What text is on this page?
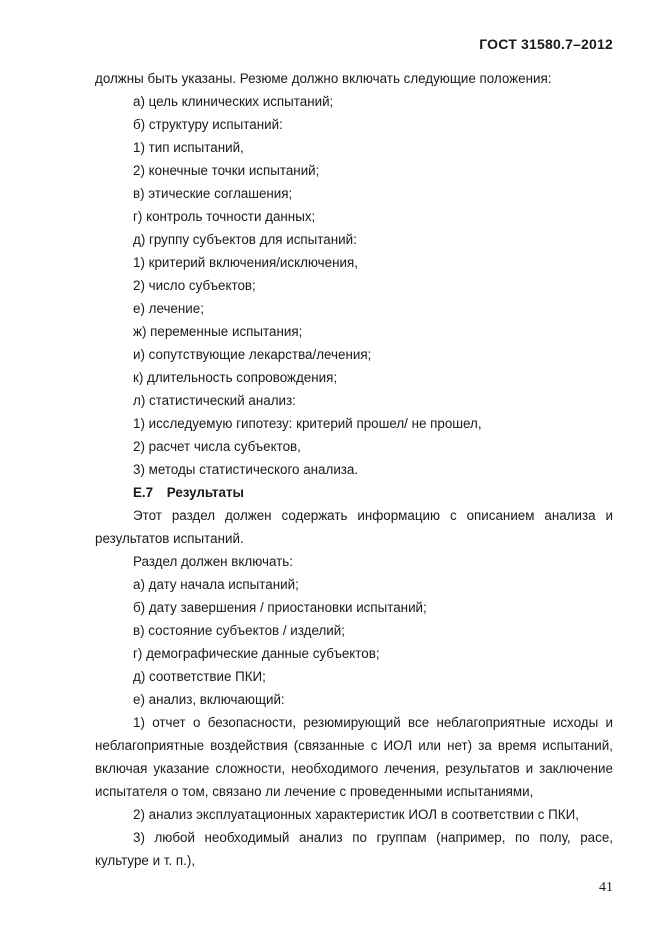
ГОСТ 31580.7–2012
должны быть указаны. Резюме должно включать следующие положения:
а) цель клинических испытаний;
б) структуру испытаний:
1) тип испытаний,
2) конечные точки испытаний;
в) этические соглашения;
г) контроль точности данных;
д) группу субъектов для испытаний:
1) критерий включения/исключения,
2) число субъектов;
е) лечение;
ж) переменные испытания;
и) сопутствующие лекарства/лечения;
к) длительность сопровождения;
л) статистический анализ:
1) исследуемую гипотезу: критерий прошел/ не прошел,
2) расчет числа субъектов,
3) методы статистического анализа.
Е.7 Результаты
Этот раздел должен содержать информацию с описанием анализа и
результатов испытаний.
Раздел должен включать:
а) дату начала испытаний;
б) дату завершения / приостановки испытаний;
в) состояние субъектов / изделий;
г) демографические данные субъектов;
д) соответствие ПКИ;
е) анализ, включающий:
1) отчет о безопасности, резюмирующий все неблагоприятные исходы и
неблагоприятные воздействия (связанные с ИОЛ или нет) за время испытаний,
включая указание сложности, необходимого лечения, результатов и заключение
испытателя о том, связано ли лечение с проведенными испытаниями,
2) анализ эксплуатационных характеристик ИОЛ в соответствии с ПКИ,
3) любой необходимый анализ по группам (например, по полу, расе,
культуре и т. п.),
41
